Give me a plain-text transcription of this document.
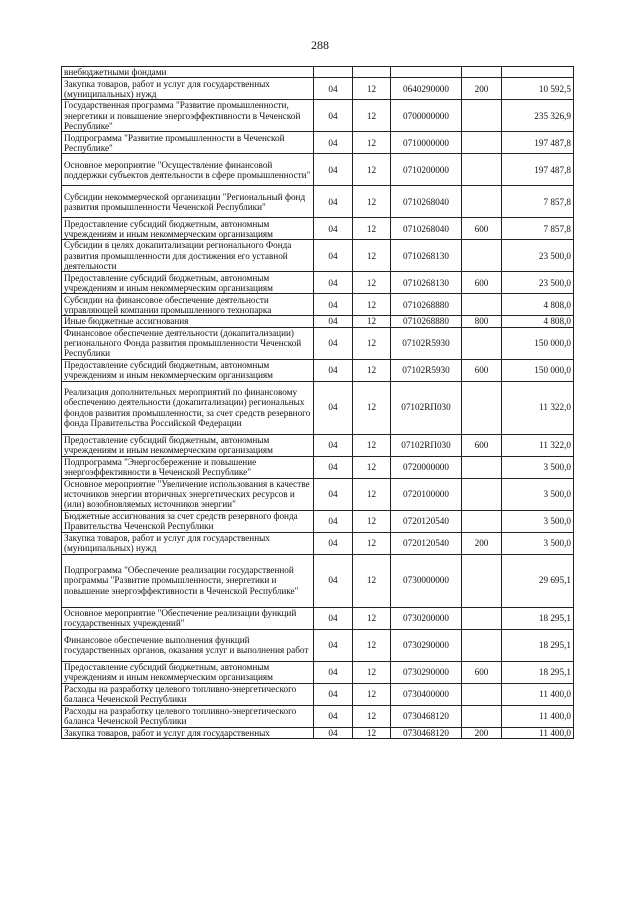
288
внебюджетными фондами					
Закупка товаров, работ и услуг для государственных (муниципальных) нужд	04	12	0640290000	200	10 592,5
Государственная программа "Развитие промышленности, энергетики и повышение энергоэффективности в Чеченской Республике"	04	12	0700000000		235 326,9
Подпрограмма "Развитие промышленности в Чеченской Республике"	04	12	0710000000		197 487,8
Основное мероприятие "Осуществление финансовой поддержки субъектов деятельности в сфере промышленности"	04	12	0710200000		197 487,8
Субсидии некоммерческой организации "Региональный фонд развития промышленности Чеченской Республики"	04	12	0710268040		7 857,8
Предоставление субсидий бюджетным, автономным учреждениям и иным некоммерческим организациям	04	12	0710268040	600	7 857,8
Субсидии в целях докапитализации регионального Фонда развития промышленности для достижения его уставной деятельности	04	12	0710268130		23 500,0
Предоставление субсидий бюджетным, автономным учреждениям и иным некоммерческим организациям	04	12	0710268130	600	23 500,0
Субсидии на финансовое обеспечение деятельности управляющей компании промышленного технопарка	04	12	0710268880		4 808,0
Иные бюджетные ассигнования	04	12	0710268880	800	4 808,0
Финансовое обеспечение деятельности (докапитализации) регионального Фонда развития промышленности Чеченской Республики	04	12	07102R5930		150 000,0
Предоставление субсидий бюджетным, автономным учреждениям и иным некоммерческим организациям	04	12	07102R5930	600	150 000,0
Реализация дополнительных мероприятий по финансовому обеспечению деятельности (докапитализации) региональных фондов развития промышленности, за счет средств резервного фонда Правительства Российской Федерации	04	12	07102RП030		11 322,0
Предоставление субсидий бюджетным, автономным учреждениям и иным некоммерческим организациям	04	12	07102RП030	600	11 322,0
Подпрограмма "Энергосбережение и повышение энергоэффективности в Чеченской Республике"	04	12	0720000000		3 500,0
Основное мероприятие "Увеличение использования в качестве источников энергии вторичных энергетических ресурсов и (или) возобновляемых источников энергии"	04	12	0720100000		3 500,0
Бюджетные ассигнования за счет средств резервного фонда Правительства Чеченской Республики	04	12	0720120540		3 500,0
Закупка товаров, работ и услуг для государственных (муниципальных) нужд	04	12	0720120540	200	3 500,0
Подпрограмма "Обеспечение реализации государственной программы "Развитие промышленности, энергетики и повышение энергоэффективности в Чеченской Республике"	04	12	0730000000		29 695,1
Основное мероприятие "Обеспечение реализации функций государственных учреждений"	04	12	0730200000		18 295,1
Финансовое обеспечение выполнения функций государственных органов, оказания услуг и выполнения работ	04	12	0730290000		18 295,1
Предоставление субсидий бюджетным, автономным учреждениям и иным некоммерческим организациям	04	12	0730290000	600	18 295,1
Расходы на разработку целевого топливно-энергетического баланса Чеченской Республики	04	12	0730400000		11 400,0
Расходы на разработку целевого топливно-энергетического баланса Чеченской Республики	04	12	0730468120		11 400,0
Закупка товаров, работ и услуг для государственных	04	12	0730468120	200	11 400,0
